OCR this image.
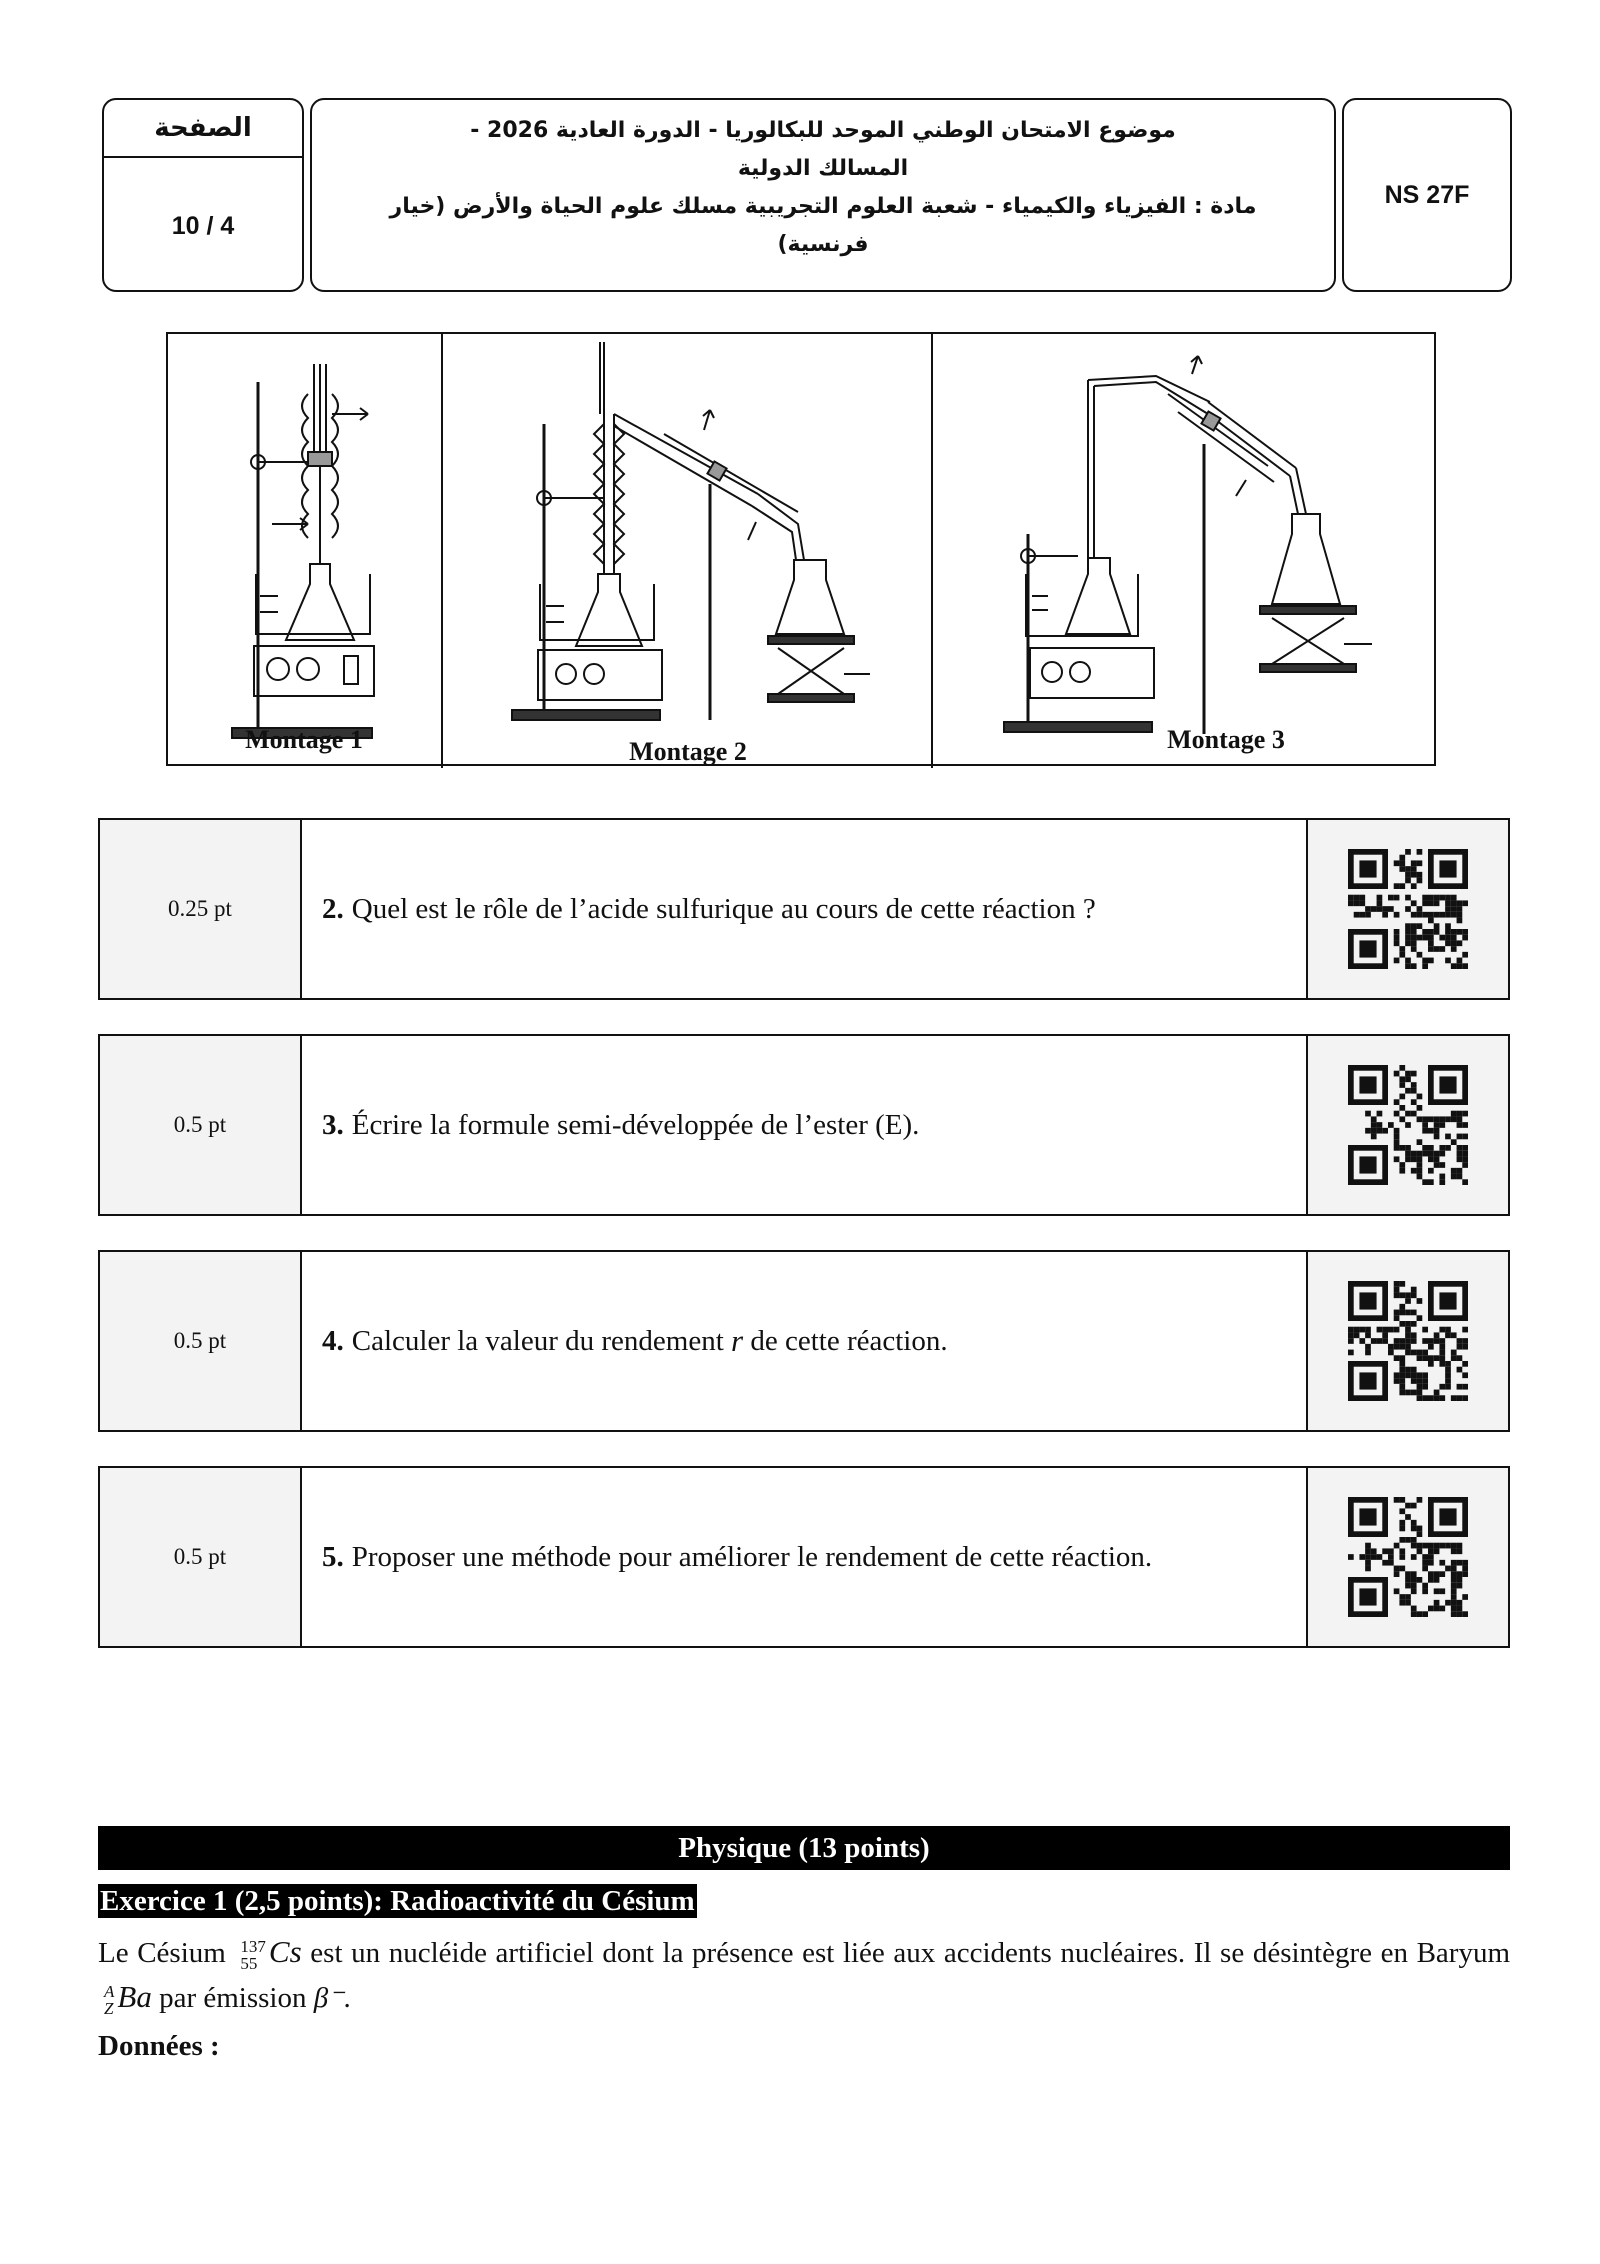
الصفحة
10 / 4
موضوع الامتحان الوطني الموحد للبكالوريا - الدورة العادية 2026 -
المسالك الدولية
مادة : الفيزياء والكيمياء - شعبة العلوم التجريبية مسلك علوم الحياة والأرض (خيار فرنسية)
NS 27F
Montage 1	Montage 2	Montage 3
0.25 pt	2. Quel est le rôle de l’acide sulfurique au cours de cette réaction ?
0.5 pt	3. Écrire la formule semi-développée de l’ester (E).
0.5 pt	4. Calculer la valeur du rendement
r
de cette réaction.
0.5 pt	5. Proposer une méthode pour améliorer le rendement de cette réaction.
Physique (13 points)
Exercice 1 (2,5 points): Radioactivité du Césium
Le Césium 137
55 Cs est un nucléide artificiel dont la présence est liée aux accidents nucléaires. Il se désintègre en Baryum A
Z Ba par émission β⁻.
Données :
